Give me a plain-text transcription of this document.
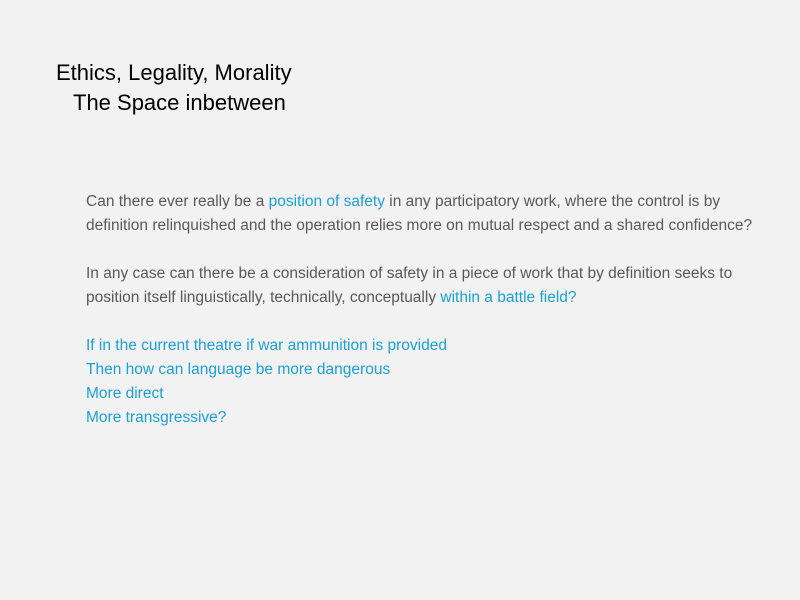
Ethics, Legality, Morality
The Space inbetween

Can there ever really be a position of safety in any participatory work, where the control is by definition relinquished and the operation relies more on mutual respect and a shared confidence?

In any case can there be a consideration of safety in a piece of work that by definition seeks to position itself linguistically, technically, conceptually within a battle field?

If in the current theatre if war ammunition is provided
Then how can language be more dangerous
More direct
More transgressive?
